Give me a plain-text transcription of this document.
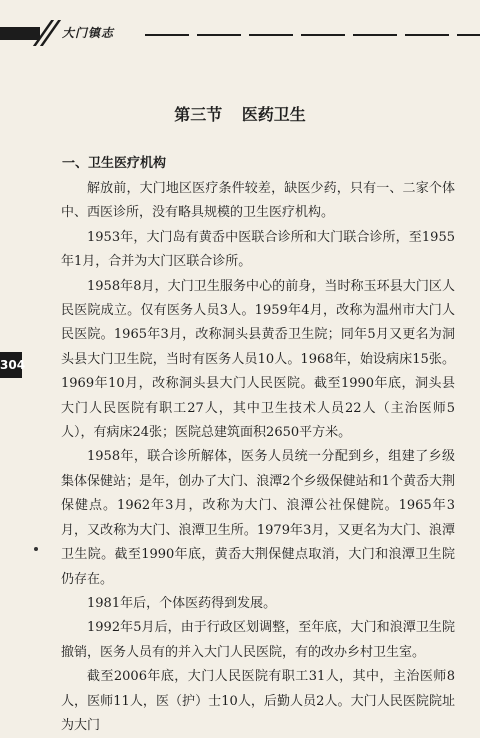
大门镇志
304
第三节 医药卫生
一、卫生医疗机构

解放前，大门地区医疗条件较差，缺医少药，只有一、二家个体中、西医诊所，没有略具规模的卫生医疗机构。

1953年，大门岛有黄岙中医联合诊所和大门联合诊所，至1955年1月，合并为大门区联合诊所。

1958年8月，大门卫生服务中心的前身，当时称玉环县大门区人民医院成立。仅有医务人员3人。1959年4月，改称为温州市大门人民医院。1965年3月，改称洞头县黄岙卫生院；同年5月又更名为洞头县大门卫生院，当时有医务人员10人。1968年，始设病床15张。1969年10月，改称洞头县大门人民医院。截至1990年底，洞头县大门人民医院有职工27人，其中卫生技术人员22人（主治医师5人），有病床24张；医院总建筑面积2650平方米。

1958年，联合诊所解体，医务人员统一分配到乡，组建了乡级集体保健站；是年，创办了大门、浪潭2个乡级保健站和1个黄岙大荆保健点。1962年3月，改称为大门、浪潭公社保健院。1965年3月，又改称为大门、浪潭卫生所。1979年3月，又更名为大门、浪潭卫生院。截至1990年底，黄岙大荆保健点取消，大门和浪潭卫生院仍存在。

1981年后，个体医药得到发展。

1992年5月后，由于行政区划调整，至年底，大门和浪潭卫生院撤销，医务人员有的并入大门人民医院，有的改办乡村卫生室。

截至2006年底，大门人民医院有职工31人，其中，主治医师8人，医师11人，医（护）士10人，后勤人员2人。大门人民医院院址为大门
